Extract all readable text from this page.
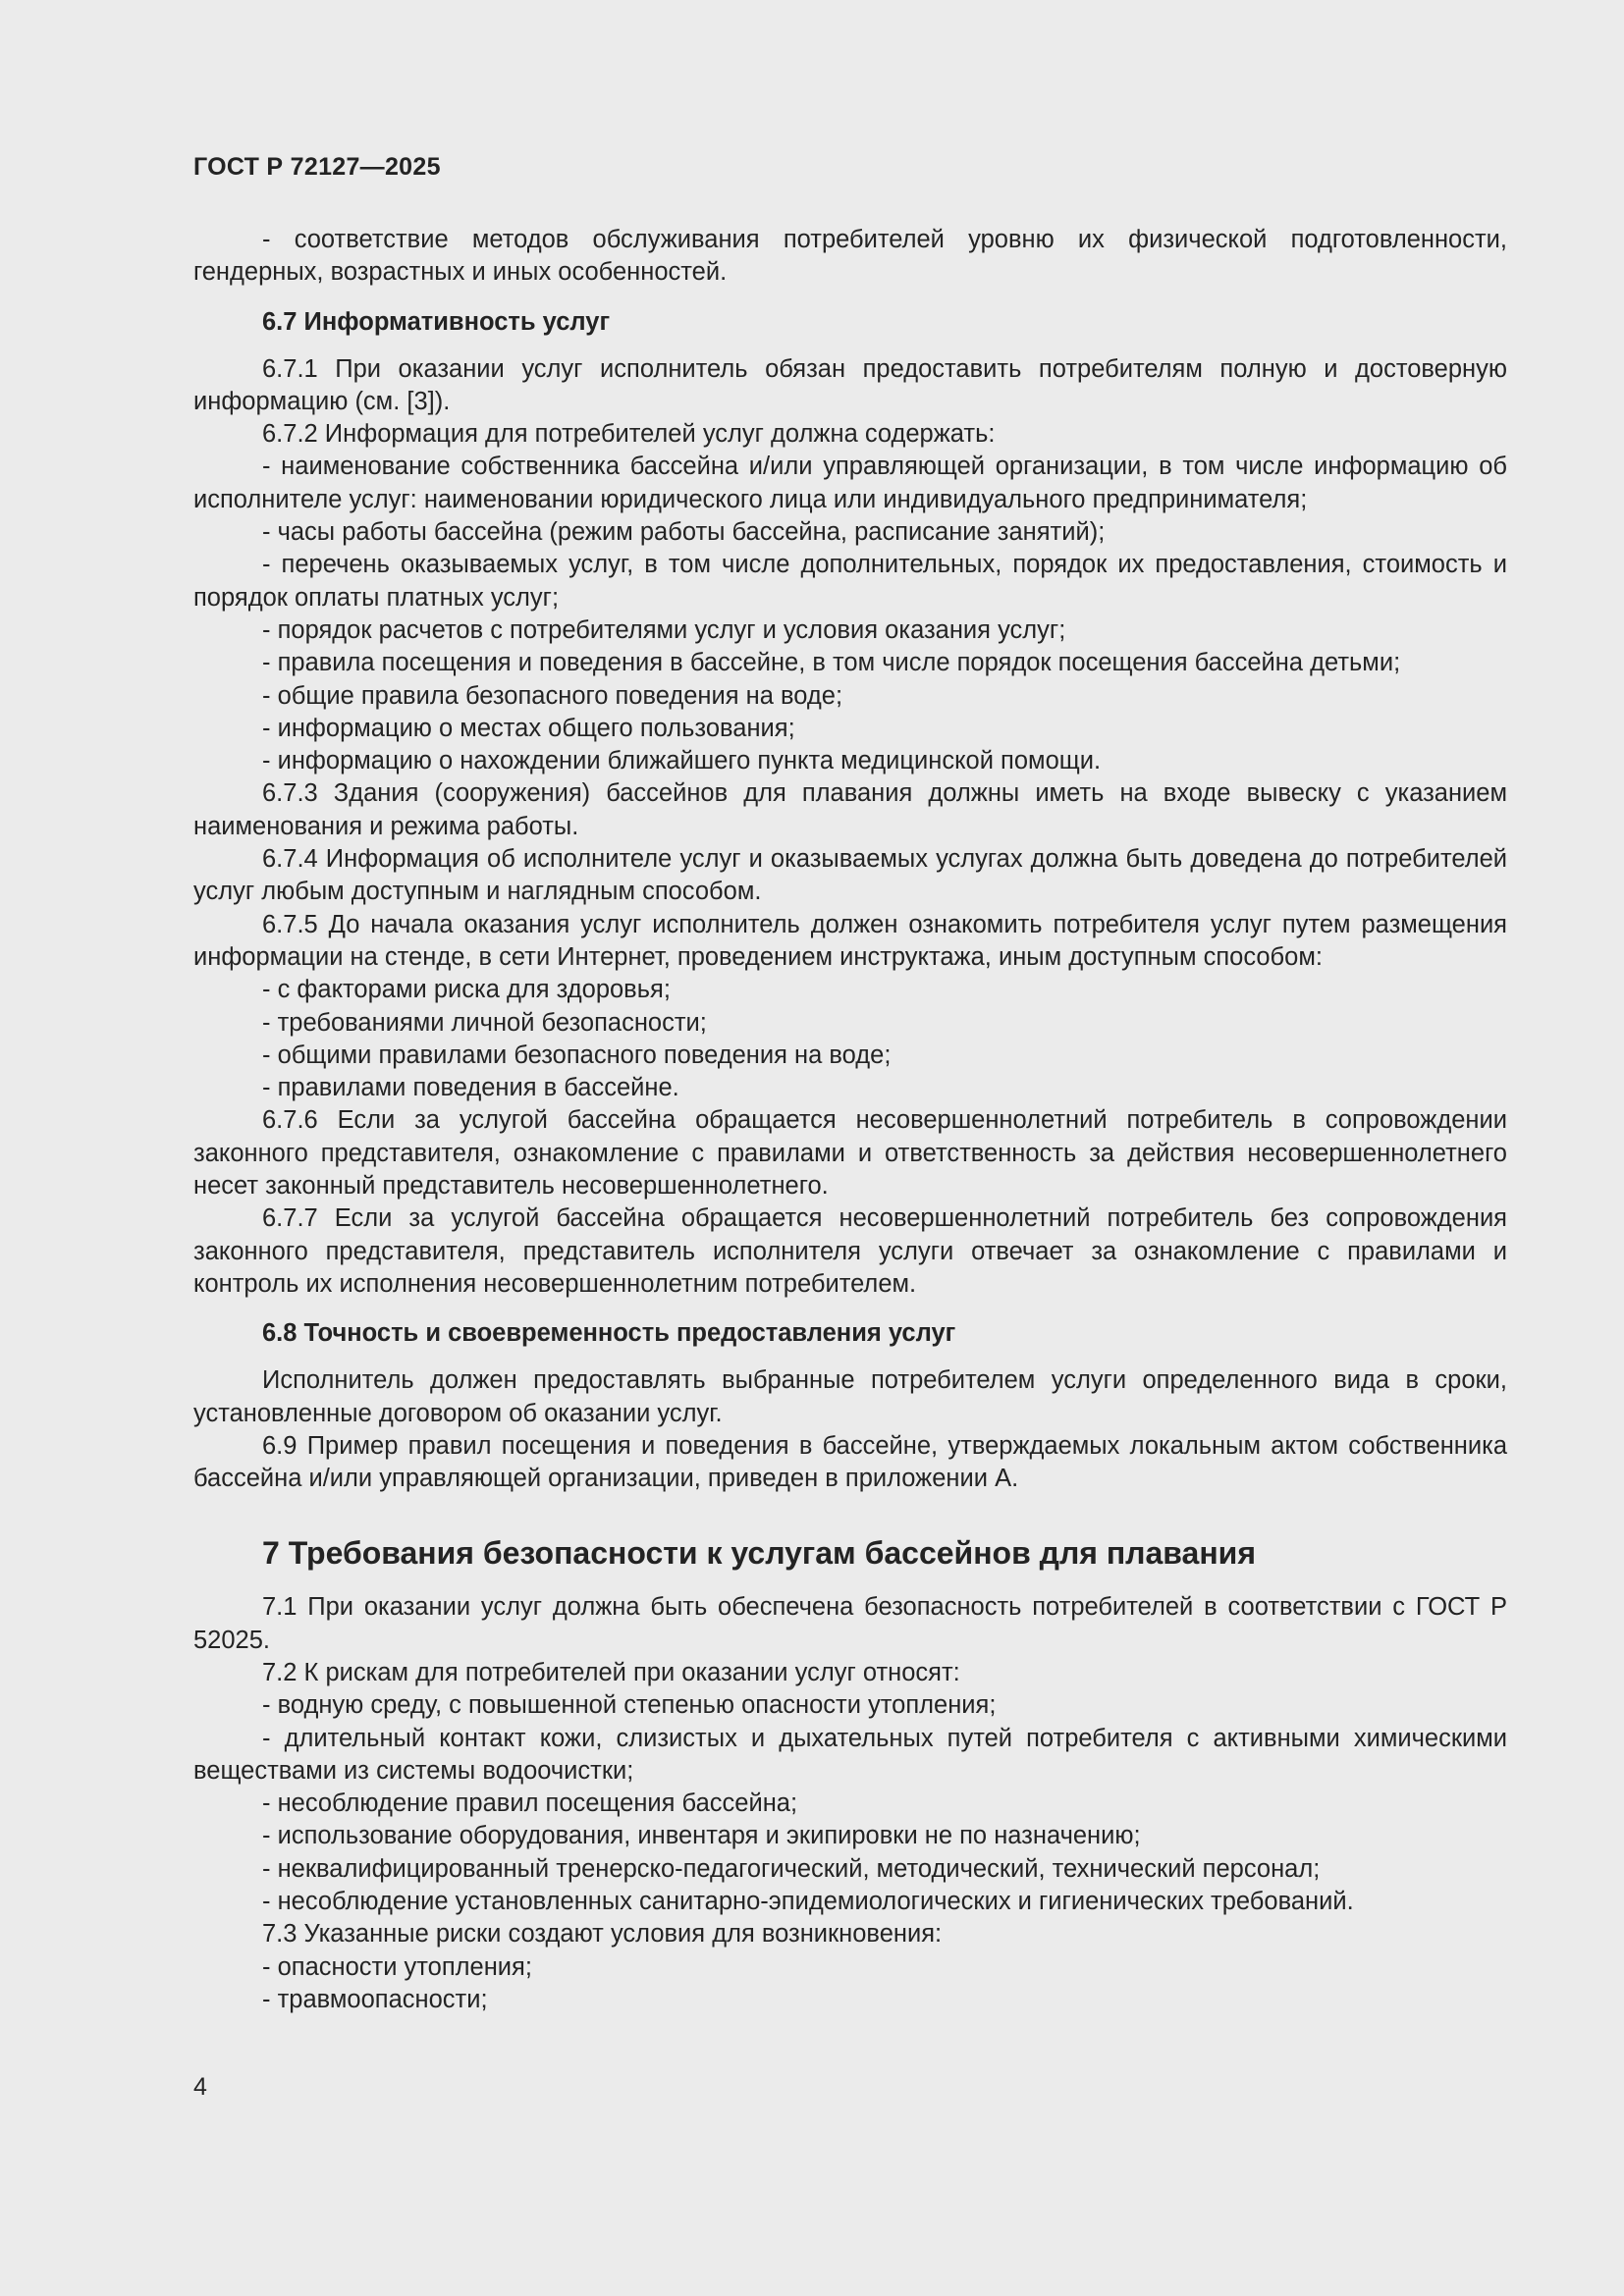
ГОСТ Р 72127—2025

- соответствие методов обслуживания потребителей уровню их физической подготовленности, гендерных, возрастных и иных особенностей.

6.7 Информативность услуг

6.7.1 При оказании услуг исполнитель обязан предоставить потребителям полную и достоверную информацию (см. [3]).

6.7.2 Информация для потребителей услуг должна содержать:

- наименование собственника бассейна и/или управляющей организации, в том числе информацию об исполнителе услуг: наименовании юридического лица или индивидуального предпринимателя;

- часы работы бассейна (режим работы бассейна, расписание занятий);

- перечень оказываемых услуг, в том числе дополнительных, порядок их предоставления, стоимость и порядок оплаты платных услуг;

- порядок расчетов с потребителями услуг и условия оказания услуг;

- правила посещения и поведения в бассейне, в том числе порядок посещения бассейна детьми;

- общие правила безопасного поведения на воде;

- информацию о местах общего пользования;

- информацию о нахождении ближайшего пункта медицинской помощи.

6.7.3 Здания (сооружения) бассейнов для плавания должны иметь на входе вывеску с указанием наименования и режима работы.

6.7.4 Информация об исполнителе услуг и оказываемых услугах должна быть доведена до потребителей услуг любым доступным и наглядным способом.

6.7.5 До начала оказания услуг исполнитель должен ознакомить потребителя услуг путем размещения информации на стенде, в сети Интернет, проведением инструктажа, иным доступным способом:

- с факторами риска для здоровья;

- требованиями личной безопасности;

- общими правилами безопасного поведения на воде;

- правилами поведения в бассейне.

6.7.6 Если за услугой бассейна обращается несовершеннолетний потребитель в сопровождении законного представителя, ознакомление с правилами и ответственность за действия несовершеннолетнего несет законный представитель несовершеннолетнего.

6.7.7 Если за услугой бассейна обращается несовершеннолетний потребитель без сопровождения законного представителя, представитель исполнителя услуги отвечает за ознакомление с правилами и контроль их исполнения несовершеннолетним потребителем.

6.8 Точность и своевременность предоставления услуг

Исполнитель должен предоставлять выбранные потребителем услуги определенного вида в сроки, установленные договором об оказании услуг.

6.9 Пример правил посещения и поведения в бассейне, утверждаемых локальным актом собственника бассейна и/или управляющей организации, приведен в приложении А.

7 Требования безопасности к услугам бассейнов для плавания

7.1 При оказании услуг должна быть обеспечена безопасность потребителей в соответствии с ГОСТ Р 52025.

7.2 К рискам для потребителей при оказании услуг относят:

- водную среду, с повышенной степенью опасности утопления;

- длительный контакт кожи, слизистых и дыхательных путей потребителя с активными химическими веществами из системы водоочистки;

- несоблюдение правил посещения бассейна;

- использование оборудования, инвентаря и экипировки не по назначению;

- неквалифицированный тренерско-педагогический, методический, технический персонал;

- несоблюдение установленных санитарно-эпидемиологических и гигиенических требований.

7.3 Указанные риски создают условия для возникновения:

- опасности утопления;

- травмоопасности;

4
